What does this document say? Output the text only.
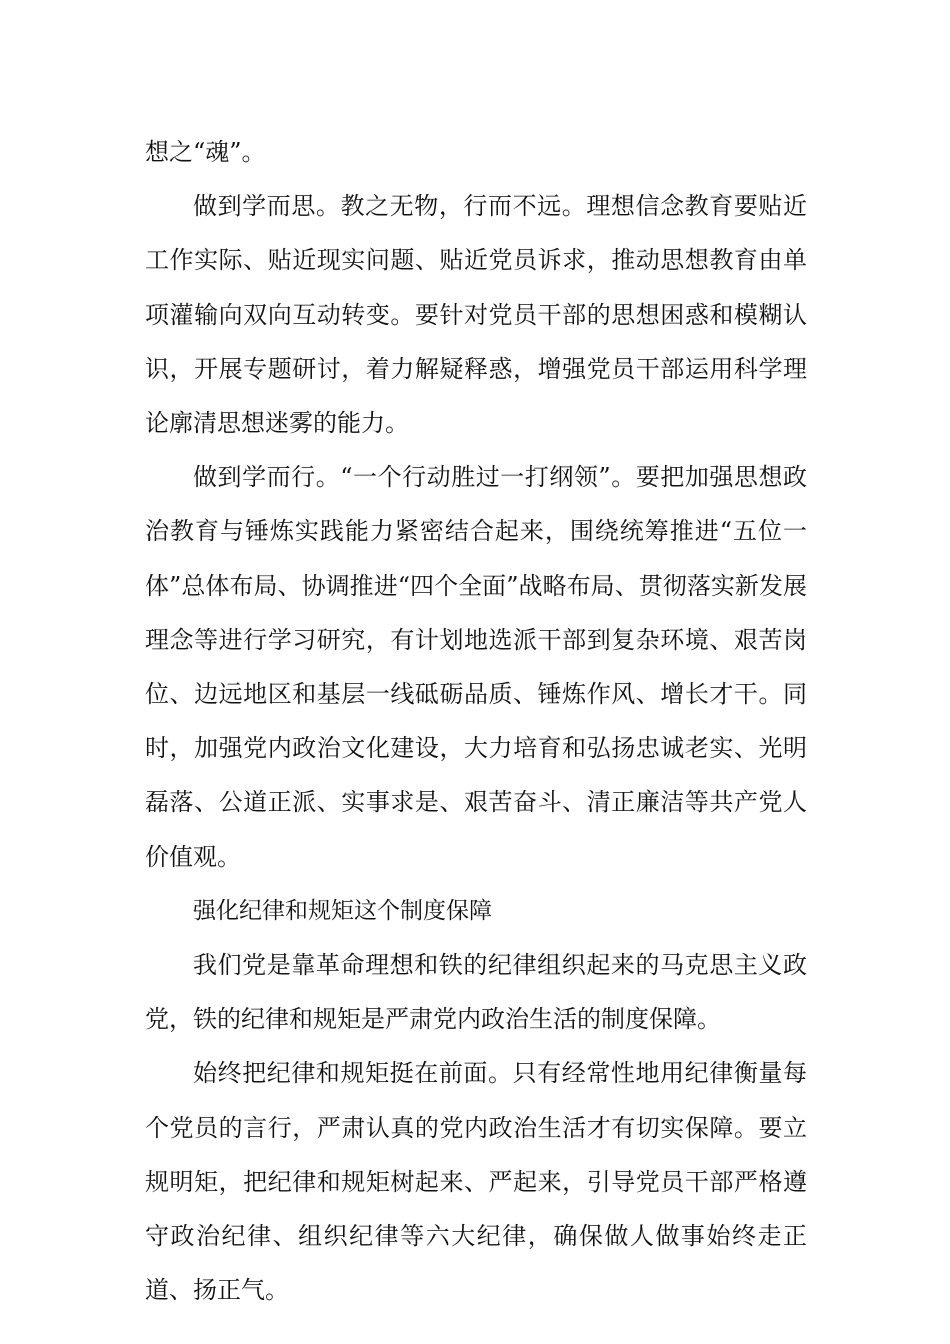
想之“魂”。

做到学而思。教之无物，行而不远。理想信念教育要贴近工作实际、贴近现实问题、贴近党员诉求，推动思想教育由单项灌输向双向互动转变。要针对党员干部的思想困惑和模糊认识，开展专题研讨，着力解疑释惑，增强党员干部运用科学理论廓清思想迷雾的能力。

做到学而行。“一个行动胜过一打纲领”。要把加强思想政治教育与锤炼实践能力紧密结合起来，围绕统筹推进“五位一体”总体布局、协调推进“四个全面”战略布局、贯彻落实新发展理念等进行学习研究，有计划地选派干部到复杂环境、艰苦岗位、边远地区和基层一线砥砺品质、锤炼作风、增长才干。同时，加强党内政治文化建设，大力培育和弘扬忠诚老实、光明磊落、公道正派、实事求是、艰苦奋斗、清正廉洁等共产党人价值观。

强化纪律和规矩这个制度保障

我们党是靠革命理想和铁的纪律组织起来的马克思主义政党，铁的纪律和规矩是严肃党内政治生活的制度保障。

始终把纪律和规矩挺在前面。只有经常性地用纪律衡量每个党员的言行，严肃认真的党内政治生活才有切实保障。要立规明矩，把纪律和规矩树起来、严起来，引导党员干部严格遵守政治纪律、组织纪律等六大纪律，确保做人做事始终走正道、扬正气。
